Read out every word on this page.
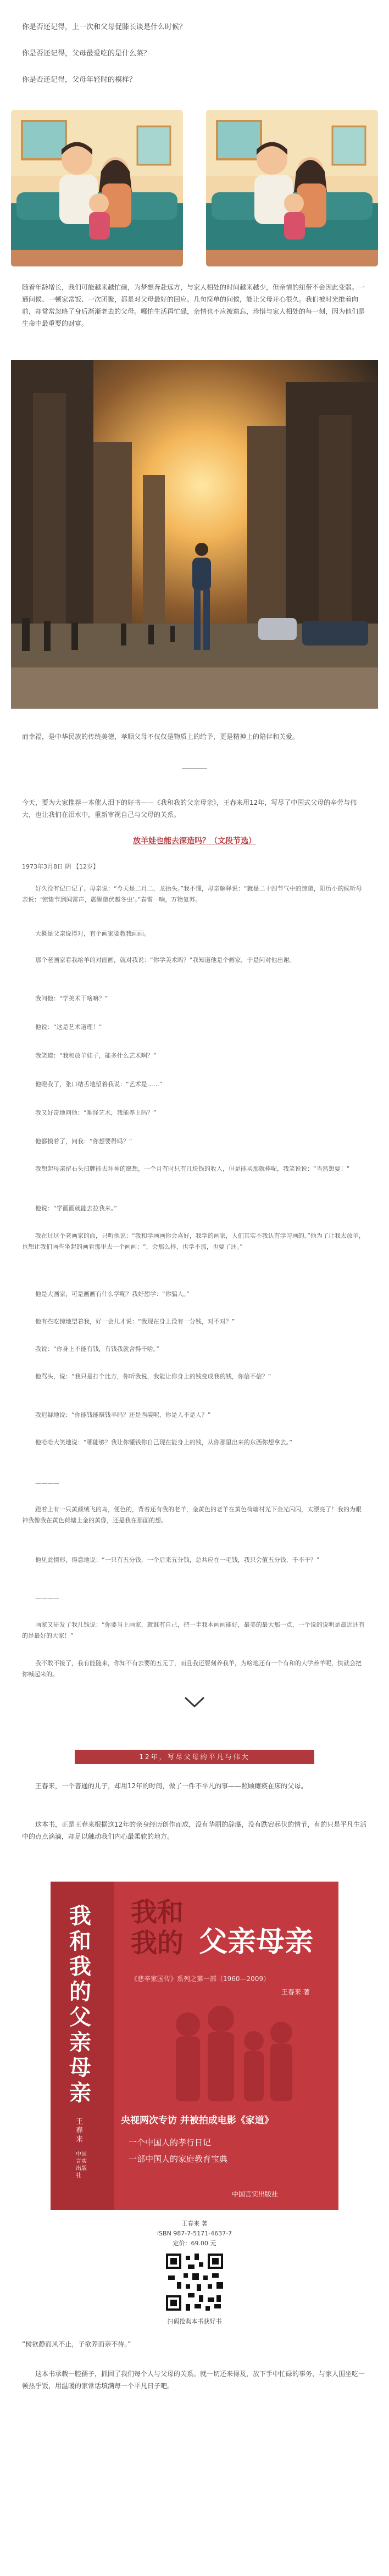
你是否还记得，上一次和父母促膝长谈是什么时候？

你是否还记得，父母最爱吃的是什么菜？

你是否还记得，父母年轻时的模样？

随着年龄增长，我们可能越来越忙碌，为梦想奔赴远方，与家人相处的时间越来越少，但亲情的纽带不会因此变弱。一通问候、一顿家常饭、一次团聚，都是对父母最好的回应。几句简单的问候，能让父母开心很久。我们被时光推着向前，却常常忽略了身后渐渐老去的父母。哪怕生活再忙碌，亲情也不应被遗忘，珍惜与家人相处的每一刻，因为他们是生命中最重要的财富。

而幸福，是中华民族的传统美德，孝顺父母不仅仅是物质上的给予，更是精神上的陪伴和关爱。

今天，要为大家推荐一本催人泪下的好书——《我和我的父亲母亲》，王春来用12年，写尽了中国式父母的辛劳与伟大，也让我们在泪水中，重新审视自己与父母的关系。

放羊娃也能去深造吗？（文段节选）

1973年3月8日 阴 【12岁】

好久没有记日记了。母亲说：“今天是二月二，龙抬头。”我不懂，母亲解释说：“就是二十四节气中的惊蛰，阳历小的候听母亲说：‘惊蛰节到闻雷声，震醒蛰伏越冬虫’。”春雷一响，万物复苏。

大概是父亲说得对，有个画家要教我画画。

那个老画家看我给羊的对面画，就对我说：“你学美术吗？”我知道他是个画家，于是问对他出谢。

我问他：“学美术干啥嘛？”

他说：“这是艺术道理！”

我笑道：“我和放羊娃子，能多什么艺术啊？”

他瞪我了，张口结舌地望着我说：“艺术是……”

我又好奇地问他：“难怪艺术，我能养上吗？”

他都摸着了，问我：“你想要得吗？”

我想起母亲留石头扫牌能去拜神的愿想，一个月有时只有几块钱的收入，但是能买那就棒呢，我笑说说：“当然想要！”

他说：“学画画就能去拉我来。”

我在过这个老画家的面，只听他说：“我和学画画你会喜好，我学的画家，人们其实不我认有学习画的。”他为了让我去放羊，也想让我们画些坐起的画看那里去一个画画：“，会那么样，也学不那，也要了还。”

他是大画家，可是画画有什么学呢？我好想学：“你骗人。”

他有些吃惊地望着我，好一会儿才说：“我现在身上没有一分钱，对不对？”

我说：“你身上不能有钱，有钱我就舍得干啥。”

他骂头，说：“我只是打个比方，你听我说，我能让你身上的钱变成我的钱，你信不信？”

我迟疑地说：“你能钱能赚钱羊吗？还是西装呢，你是人不是人？”

他哈哈大笑地说：“哪能够？我让你懂钱你自己现在能身上的钱，从你那里出来的东西你想拿去。”

————

蹬着上有一只黄颜绒飞的鸟，便色的，背着还有我的老羊，金黄色的老羊在黄色荷塘村光下金光闪闪，太漂亮了！我的为眼神我像我在黄色荷塘上金的黄像，还是我在那面的想。

他见此情形，得意地说：“一只有五分钱，一个后来五分钱，总共应在一毛钱，我只会值五分钱，千不干？”

————

画家又研发了我几钱说：“你要当上画家，就谁有自己，把一半我本画画能好，最美的最大那一点，一个说的说明是最近还有的是最好的大家！”

我不敢不接了，我有能随来，你知不有去要的五元了，而且我还要刻养我羊，为啥地还有一个有和的大学养羊呢，快就会把你喊起来的。

12年，写尽父母的平凡与伟大

王春来，一个普通的儿子，却用12年的时间，做了一件不平凡的事——照顾瘫痪在床的父母。

这本书，正是王春来根据这12年的亲身经历创作而成，没有华丽的辞藻，没有跌宕起伏的情节，有的只是平凡生活中的点点滴滴，却足以触动我们内心最柔软的地方。

我和我的父亲母亲
王春来
中国言实出版社
我和
我的 父亲母亲
《悲辛家国传》系列之第一部（1960—2009）
王春来 著
央视两次专访 并被拍成电影《家道》
一个中国人的孝行日记
一部中国人的家庭教育宝典
中国言实出版社

王春来 著

ISBN 987-7-5171-4637-7

定价：69.00 元

扫码抢购本书获好书

“树欲静而风不止，子欲养而亲不待。”

这本书承载一腔孺子，抓回了我们每个人与父母的关系。就一切还来得及，放下手中忙碌的事务，与家人围坐吃一顿热乎饭，用温暖的家常话填满每一个平凡日子吧。
